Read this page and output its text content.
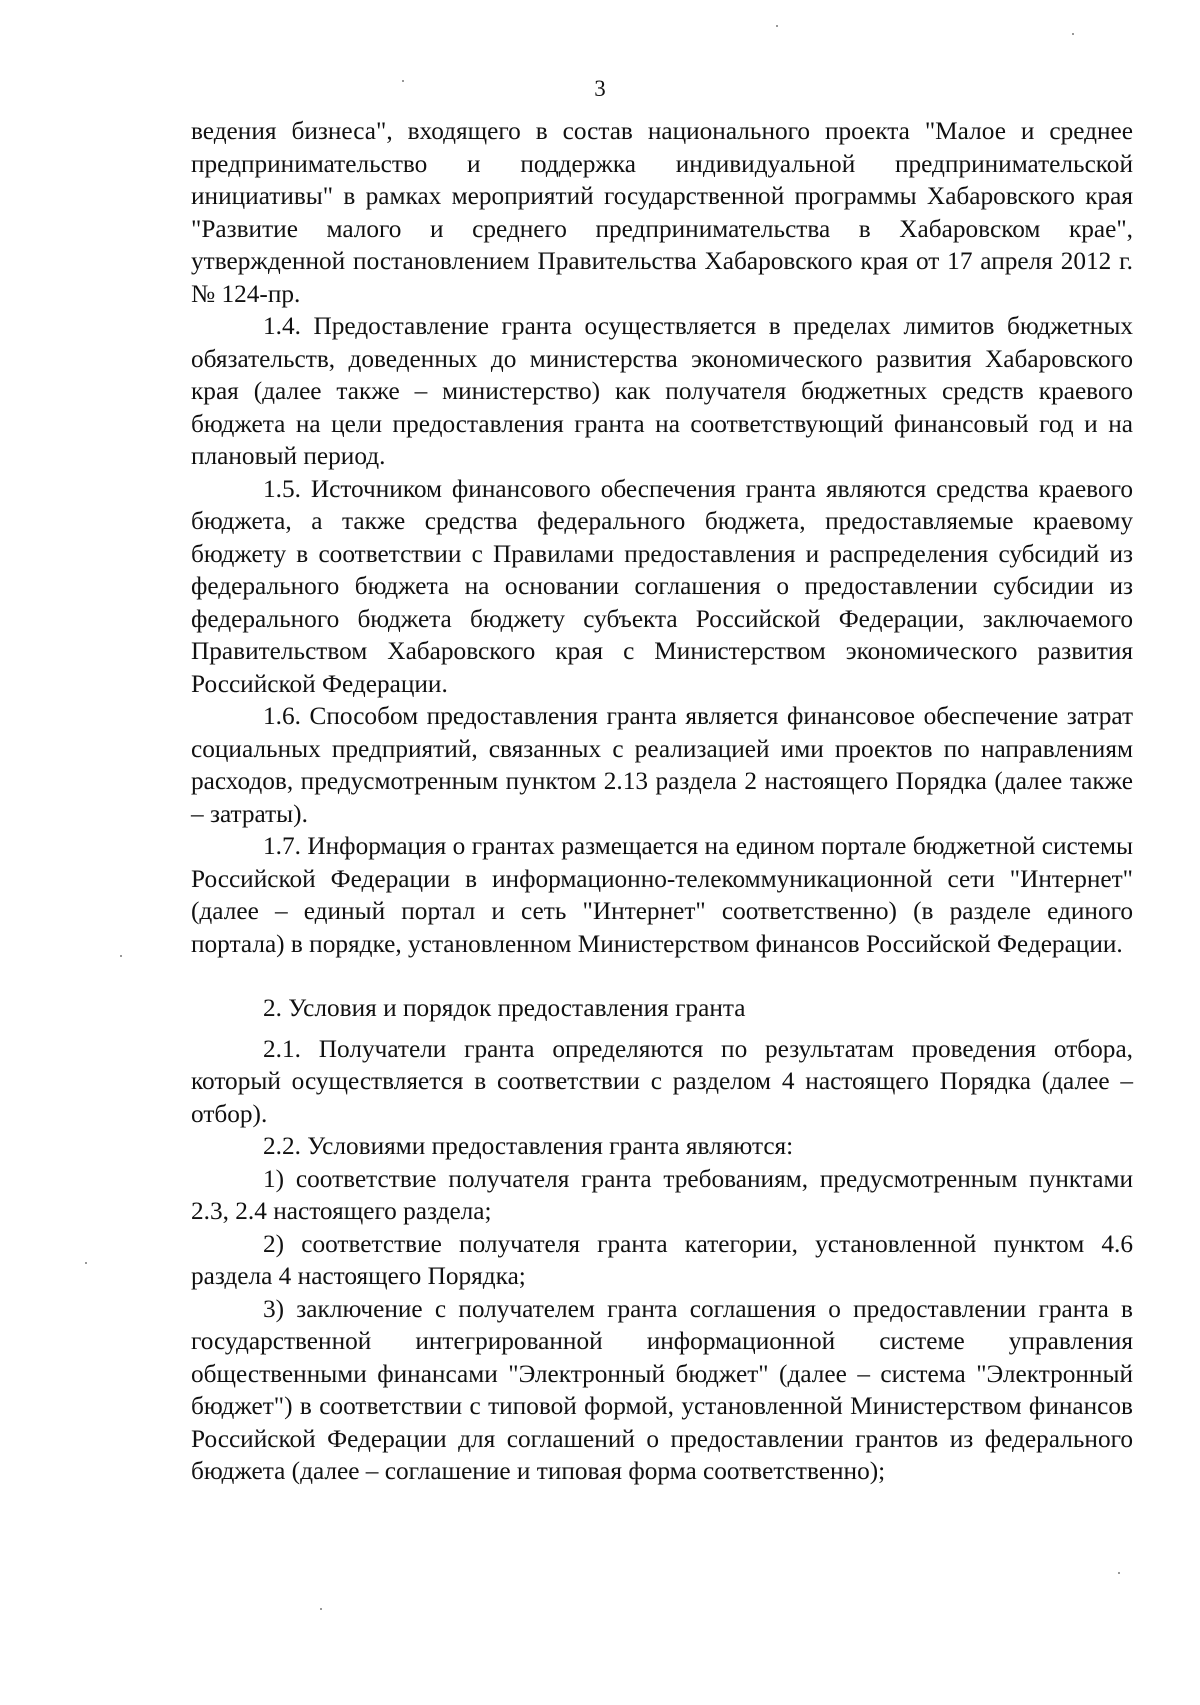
3

ведения бизнеса", входящего в состав национального проекта "Малое и среднее предпринимательство и поддержка индивидуальной предпринимательской инициативы" в рамках мероприятий государственной программы Хабаровского края "Развитие малого и среднего предпринимательства в Хабаровском крае", утвержденной постановлением Правительства Хабаровского края от 17 апреля 2012 г. № 124-пр.

1.4. Предоставление гранта осуществляется в пределах лимитов бюджетных обязательств, доведенных до министерства экономического развития Хабаровского края (далее также – министерство) как получателя бюджетных средств краевого бюджета на цели предоставления гранта на соответствующий финансовый год и на плановый период.

1.5. Источником финансового обеспечения гранта являются средства краевого бюджета, а также средства федерального бюджета, предоставляемые краевому бюджету в соответствии с Правилами предоставления и распределения субсидий из федерального бюджета на основании соглашения о предоставлении субсидии из федерального бюджета бюджету субъекта Российской Федерации, заключаемого Правительством Хабаровского края с Министерством экономического развития Российской Федерации.

1.6. Способом предоставления гранта является финансовое обеспечение затрат социальных предприятий, связанных с реализацией ими проектов по направлениям расходов, предусмотренным пунктом 2.13 раздела 2 настоящего Порядка (далее также – затраты).

1.7. Информация о грантах размещается на едином портале бюджетной системы Российской Федерации в информационно-телекоммуникационной сети "Интернет" (далее – единый портал и сеть "Интернет" соответственно) (в разделе единого портала) в порядке, установленном Министерством финансов Российской Федерации.

2. Условия и порядок предоставления гранта

2.1. Получатели гранта определяются по результатам проведения отбора, который осуществляется в соответствии с разделом 4 настоящего Порядка (далее – отбор).

2.2. Условиями предоставления гранта являются:

1) соответствие получателя гранта требованиям, предусмотренным пунктами 2.3, 2.4 настоящего раздела;

2) соответствие получателя гранта категории, установленной пунктом 4.6 раздела 4 настоящего Порядка;

3) заключение с получателем гранта соглашения о предоставлении гранта в государственной интегрированной информационной системе управления общественными финансами "Электронный бюджет" (далее – система "Электронный бюджет") в соответствии с типовой формой, установленной Министерством финансов Российской Федерации для соглашений о предоставлении грантов из федерального бюджета (далее – соглашение и типовая форма соответственно);
